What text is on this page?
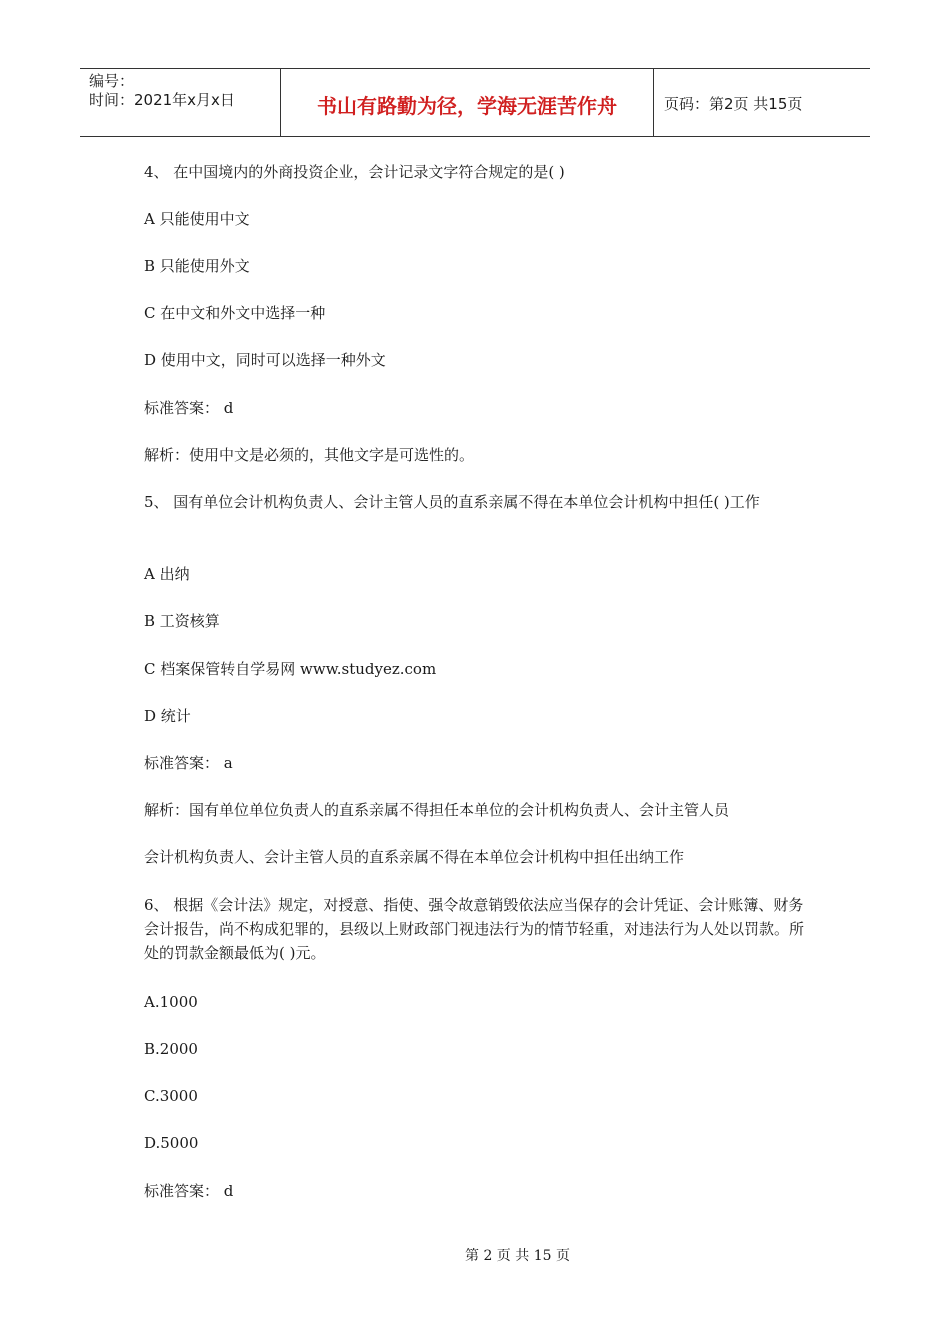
编号：
时间：2021年x月x日	书山有路勤为径，学海无涯苦作舟	页码：第2页 共15页
4、 在中国境内的外商投资企业，会计记录文字符合规定的是( )
A 只能使用中文
B 只能使用外文
C 在中文和外文中选择一种
D 使用中文，同时可以选择一种外文
标准答案： d
解析：使用中文是必须的，其他文字是可选性的。
5、 国有单位会计机构负责人、会计主管人员的直系亲属不得在本单位会计机构中担任( )工作
A 出纳
B 工资核算
C 档案保管转自学易网 www.studyez.com
D 统计
标准答案： a
解析：国有单位单位负责人的直系亲属不得担任本单位的会计机构负责人、会计主管人员
会计机构负责人、会计主管人员的直系亲属不得在本单位会计机构中担任出纳工作
6、 根据《会计法》规定，对授意、指使、强令故意销毁依法应当保存的会计凭证、会计账簿、财务会计报告，尚不构成犯罪的，县级以上财政部门视违法行为的情节轻重，对违法行为人处以罚款。所处的罚款金额最低为( )元。
A.1000
B.2000
C.3000
D.5000
标准答案： d
第 2 页 共 15 页
